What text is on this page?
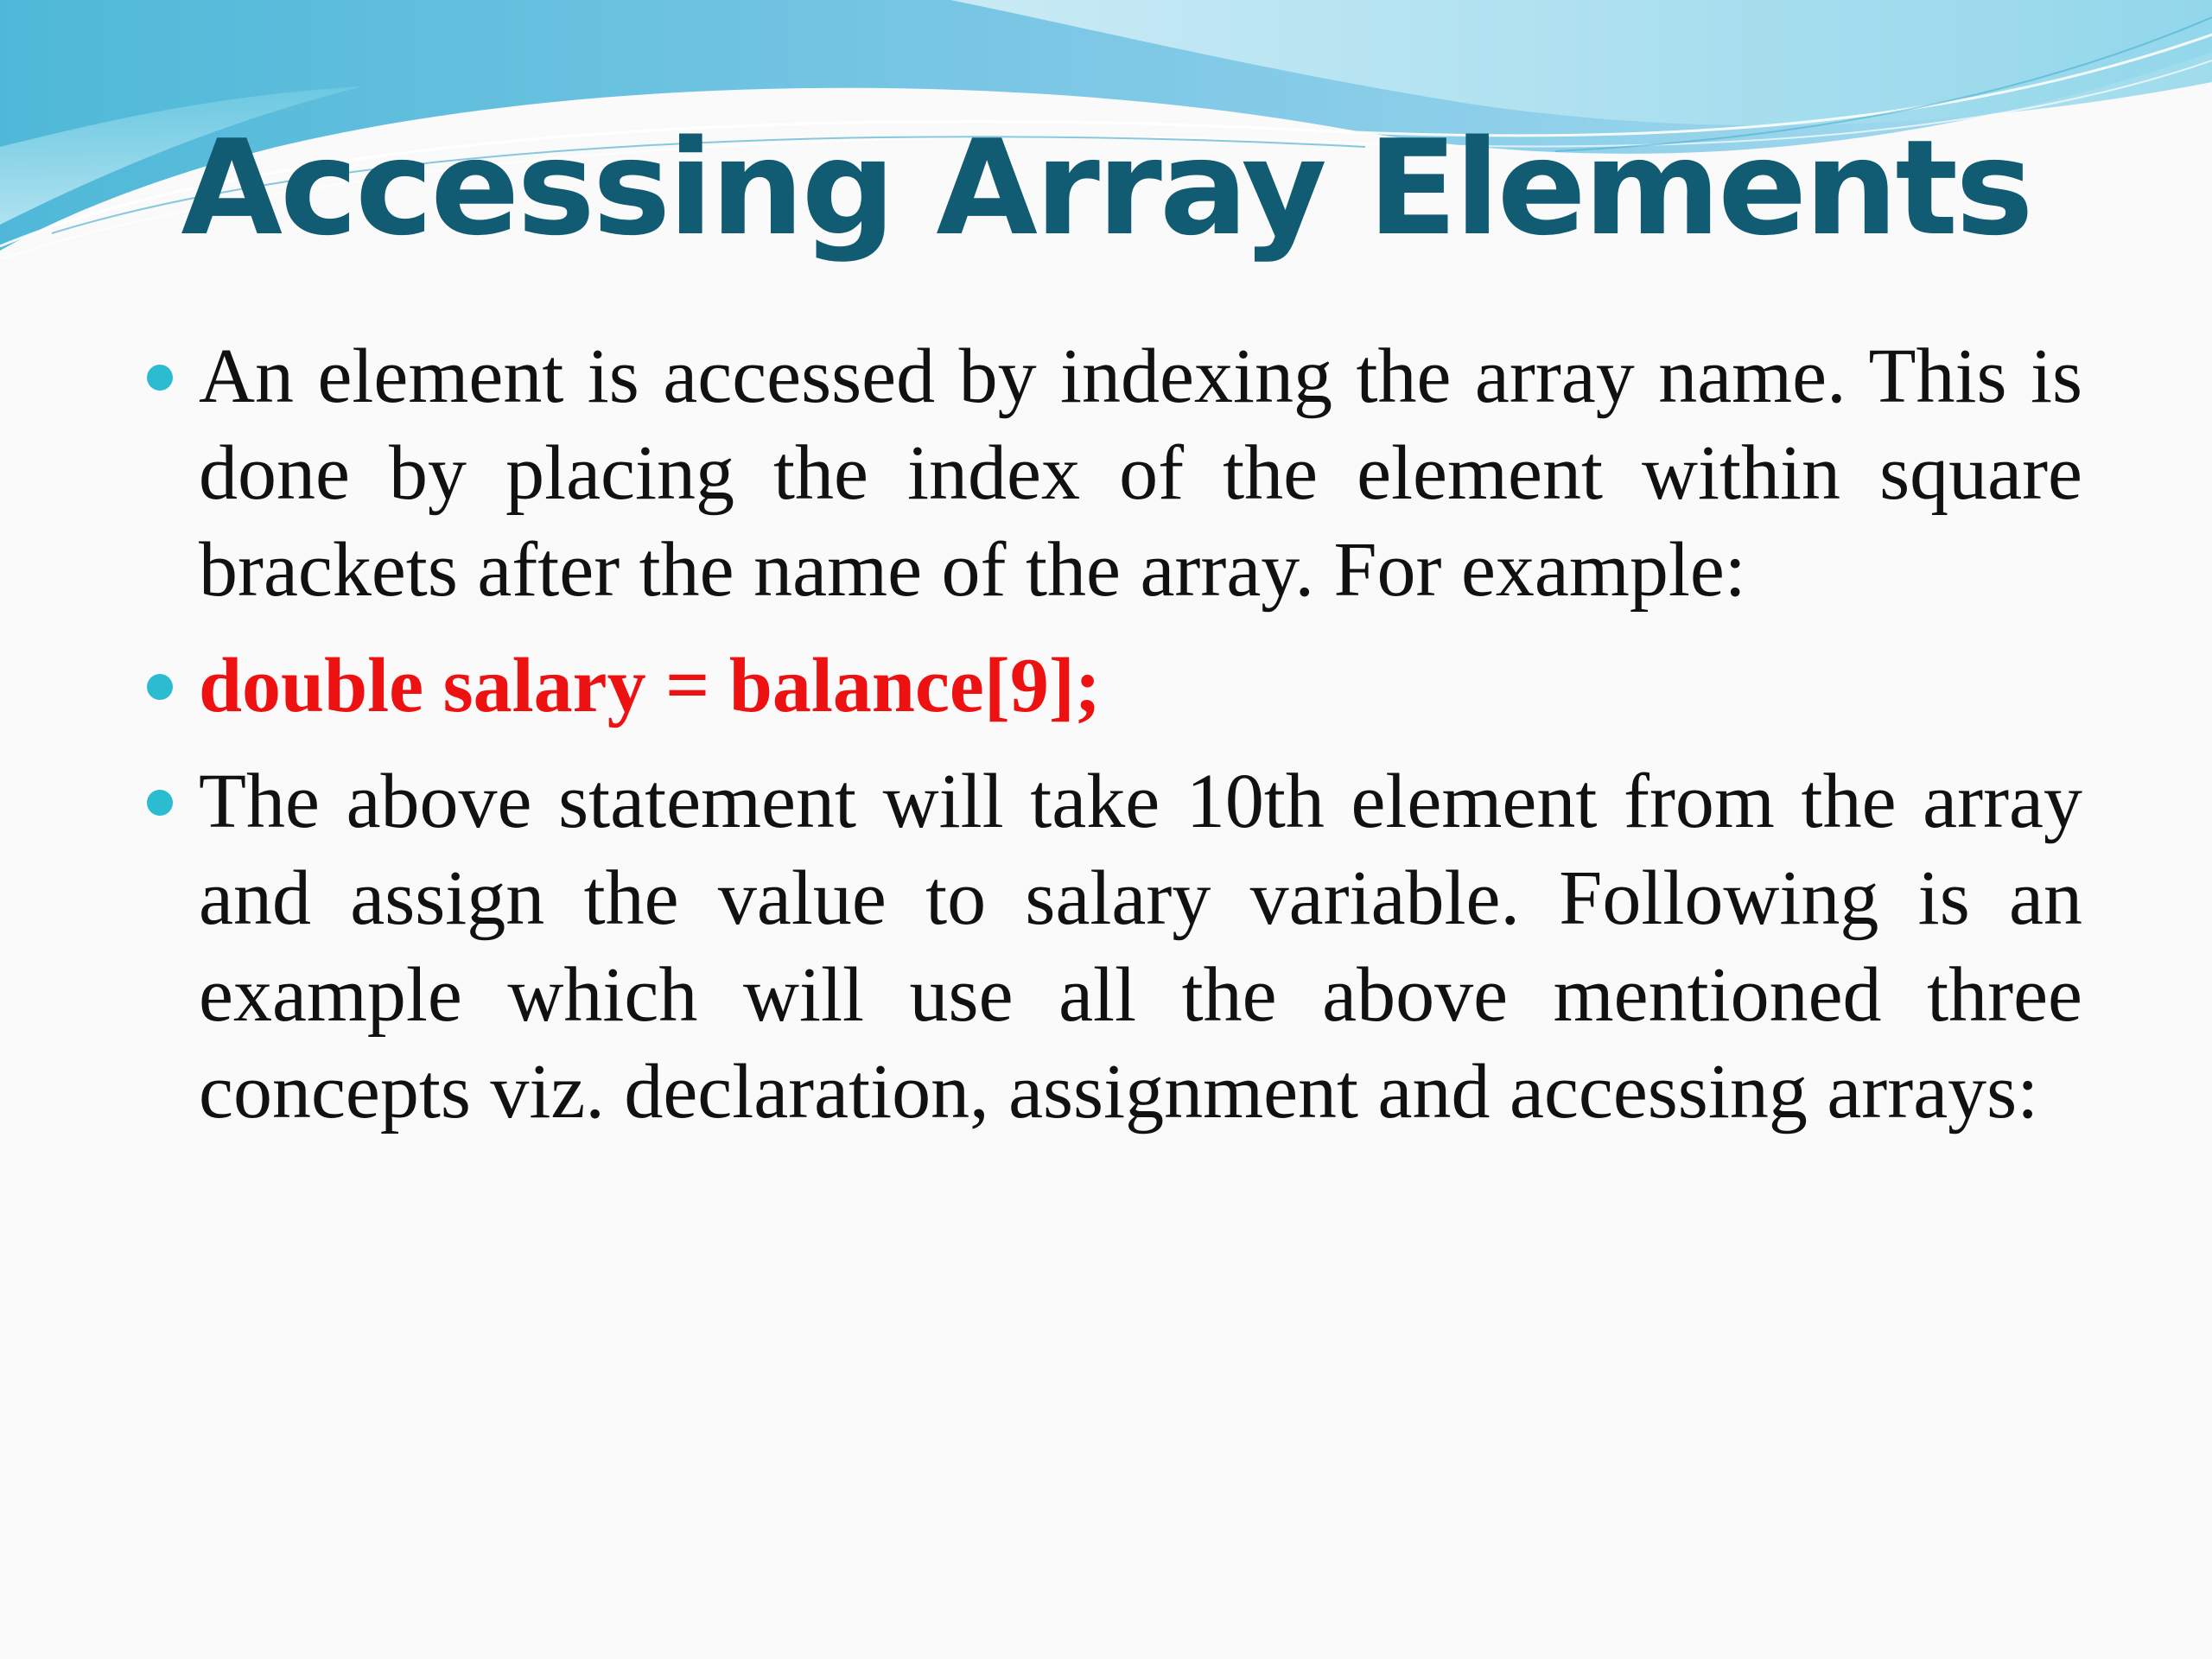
Accessing Array Elements
An element is accessed by indexing the array name. This is done by placing the index of the element within square brackets after the name of the array. For example:
double salary = balance[9];
The above statement will take 10th element from the array and assign the value to salary variable. Following is an example which will use all the above mentioned three concepts viz. declaration, assignment and accessing arrays:
